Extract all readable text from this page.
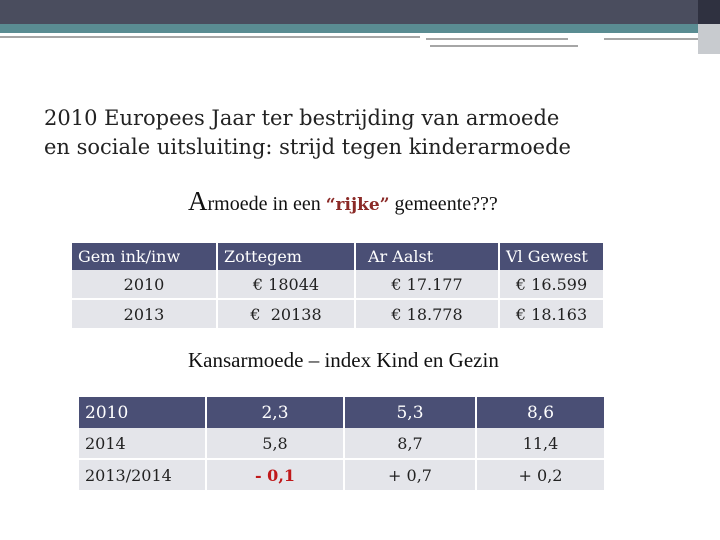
2010 Europees Jaar ter bestrijding van armoede
en sociale uitsluiting: strijd tegen kinderarmoede
Armoede in een “rijke” gemeente???
Gem ink/inw	Zottegem	Ar Aalst	Vl Gewest
2010	€ 18044	€ 17.177	€ 16.599
2013	€  20138	€ 18.778	€ 18.163
Kansarmoede – index Kind en Gezin
2010	2,3	5,3	8,6
2014	5,8	8,7	11,4
2013/2014	- 0,1	+ 0,7	+ 0,2
